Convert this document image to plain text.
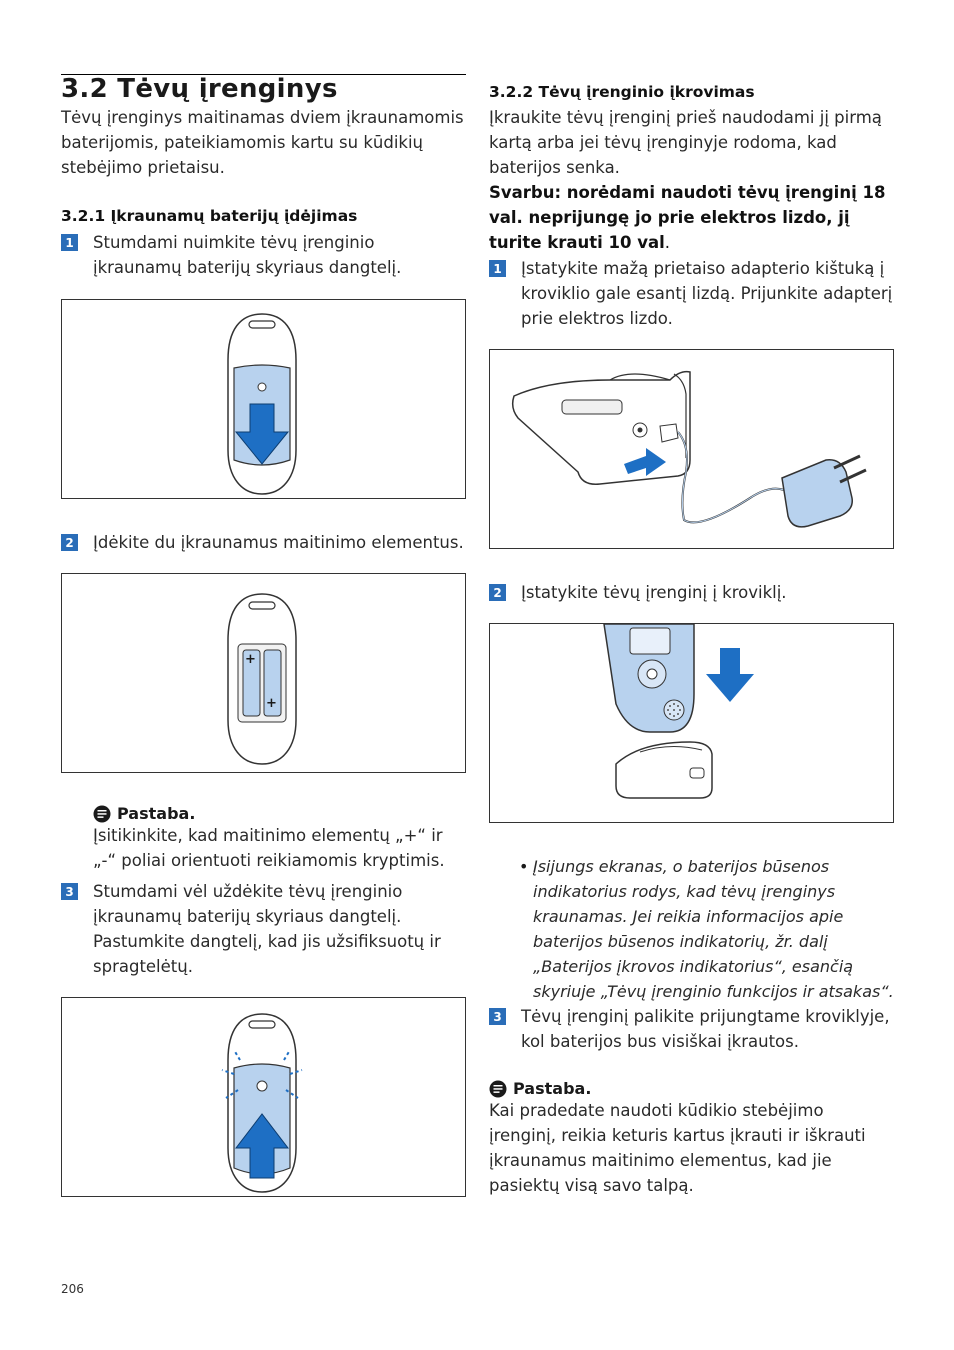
3.2 Tėvų įrenginys

Tėvų įrenginys maitinamas dviem įkraunamomis baterijomis, pateikiamomis kartu su kūdikių stebėjimo prietaisu.

3.2.1 Įkraunamų baterijų įdėjimas
1 Stumdami nuimkite tėvų įrenginio įkraunamų baterijų skyriaus dangtelį.
2 Įdėkite du įkraunamus maitinimo elementus.
+
+
Pastaba.

Įsitikinkite, kad maitinimo elementų „+“ ir „-“ poliai orientuoti reikiamomis kryptimis.

3 Stumdami vėl uždėkite tėvų įrenginio įkraunamų baterijų skyriaus dangtelį. Pastumkite dangtelį, kad jis užsifiksuotų ir spragtelėtų.
3.2.2 Tėvų įrenginio įkrovimas

Įkraukite tėvų įrenginį prieš naudodami jį pirmą kartą arba jei tėvų įrenginyje rodoma, kad baterijos senka.

Svarbu: norėdami naudoti tėvų įrenginį 18 val. neprijungę jo prie elektros lizdo, jį turite krauti 10 val.

1 Įstatykite mažą prietaiso adapterio kištuką į kroviklio gale esantį lizdą. Prijunkite adapterį prie elektros lizdo.
2 Įstatykite tėvų įrenginį į kroviklį.
• Įsijungs ekranas, o baterijos būsenos indikatorius rodys, kad tėvų įrenginys kraunamas. Jei reikia informacijos apie baterijos būsenos indikatorių, žr. dalį „Baterijos įkrovos indikatorius“, esančią skyriuje „Tėvų įrenginio funkcijos ir atsakas“.
3 Tėvų įrenginį palikite prijungtame kroviklyje, kol baterijos bus visiškai įkrautos.
Pastaba.

Kai pradedate naudoti kūdikio stebėjimo įrenginį, reikia keturis kartus įkrauti ir iškrauti įkraunamus maitinimo elementus, kad jie pasiektų visą savo talpą.

206
